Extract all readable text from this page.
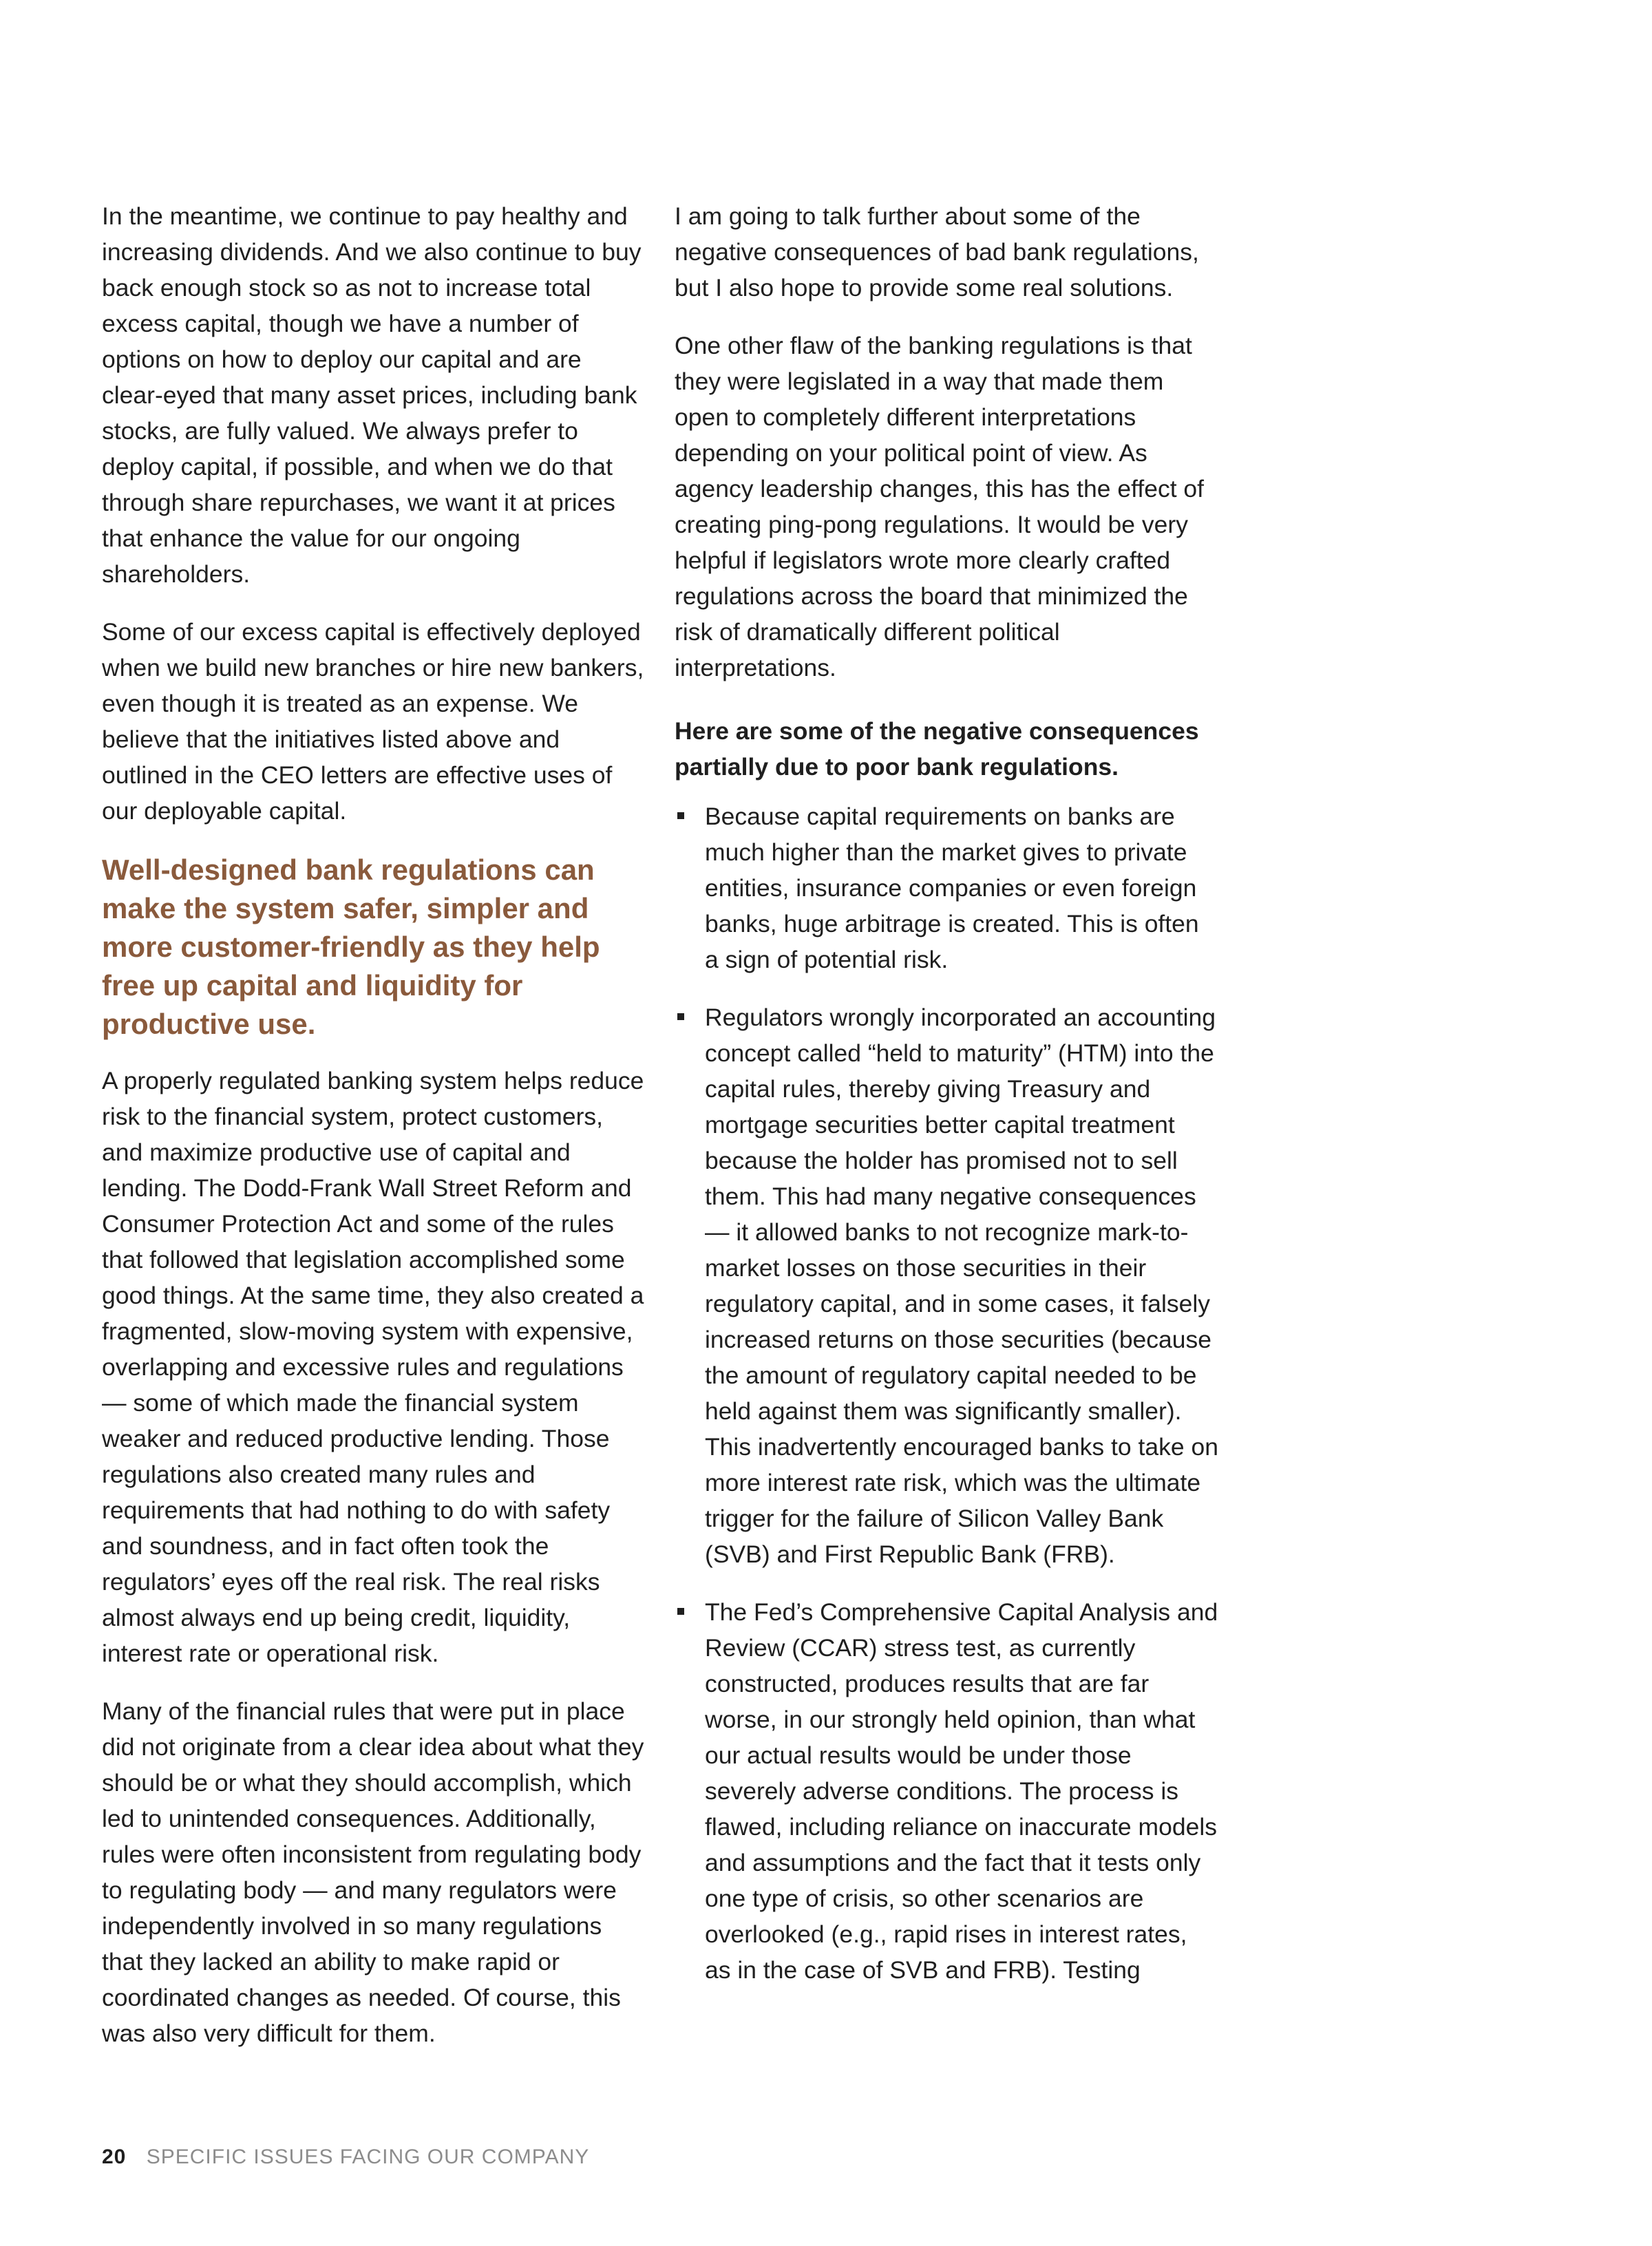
In the meantime, we continue to pay healthy and increasing dividends. And we also continue to buy back enough stock so as not to increase total excess capital, though we have a number of options on how to deploy our capital and are clear-eyed that many asset prices, including bank stocks, are fully valued. We always prefer to deploy capital, if possible, and when we do that through share repurchases, we want it at prices that enhance the value for our ongoing shareholders.

Some of our excess capital is effectively deployed when we build new branches or hire new bankers, even though it is treated as an expense. We believe that the initiatives listed above and outlined in the CEO letters are effective uses of our deployable capital.

Well-designed bank regulations can make the system safer, simpler and more customer-friendly as they help free up capital and liquidity for productive use.

A properly regulated banking system helps reduce risk to the financial system, protect customers, and maximize productive use of capital and lending. The Dodd-Frank Wall Street Reform and Consumer Protection Act and some of the rules that followed that legislation accomplished some good things. At the same time, they also created a fragmented, slow-moving system with expensive, overlapping and excessive rules and regulations — some of which made the financial system weaker and reduced productive lending. Those regulations also created many rules and requirements that had nothing to do with safety and soundness, and in fact often took the regulators’ eyes off the real risk. The real risks almost always end up being credit, liquidity, interest rate or operational risk.

Many of the financial rules that were put in place did not originate from a clear idea about what they should be or what they should accomplish, which led to unintended consequences. Additionally, rules were often inconsistent from regulating body to regulating body — and many regulators were independently involved in so many regulations that they lacked an ability to make rapid or coordinated changes as needed. Of course, this was also very difficult for them.

I am going to talk further about some of the negative consequences of bad bank regulations, but I also hope to provide some real solutions.

One other flaw of the banking regulations is that they were legislated in a way that made them open to completely different interpretations depending on your political point of view. As agency leadership changes, this has the effect of creating ping-pong regulations. It would be very helpful if legislators wrote more clearly crafted regulations across the board that minimized the risk of dramatically different political interpretations.

Here are some of the negative consequences partially due to poor bank regulations.
Because capital requirements on banks are much higher than the market gives to private entities, insurance companies or even foreign banks, huge arbitrage is created. This is often a sign of potential risk.
Regulators wrongly incorporated an accounting concept called “held to maturity” (HTM) into the capital rules, thereby giving Treasury and mortgage securities better capital treatment because the holder has promised not to sell them. This had many negative consequences — it allowed banks to not recognize mark-to-market losses on those securities in their regulatory capital, and in some cases, it falsely increased returns on those securities (because the amount of regulatory capital needed to be held against them was significantly smaller). This inadvertently encouraged banks to take on more interest rate risk, which was the ultimate trigger for the failure of Silicon Valley Bank (SVB) and First Republic Bank (FRB).
The Fed’s Comprehensive Capital Analysis and Review (CCAR) stress test, as currently constructed, produces results that are far worse, in our strongly held opinion, than what our actual results would be under those severely adverse conditions. The process is flawed, including reliance on inaccurate models and assumptions and the fact that it tests only one type of crisis, so other scenarios are overlooked (e.g., rapid rises in interest rates, as in the case of SVB and FRB). Testing
20 SPECIFIC ISSUES FACING OUR COMPANY
